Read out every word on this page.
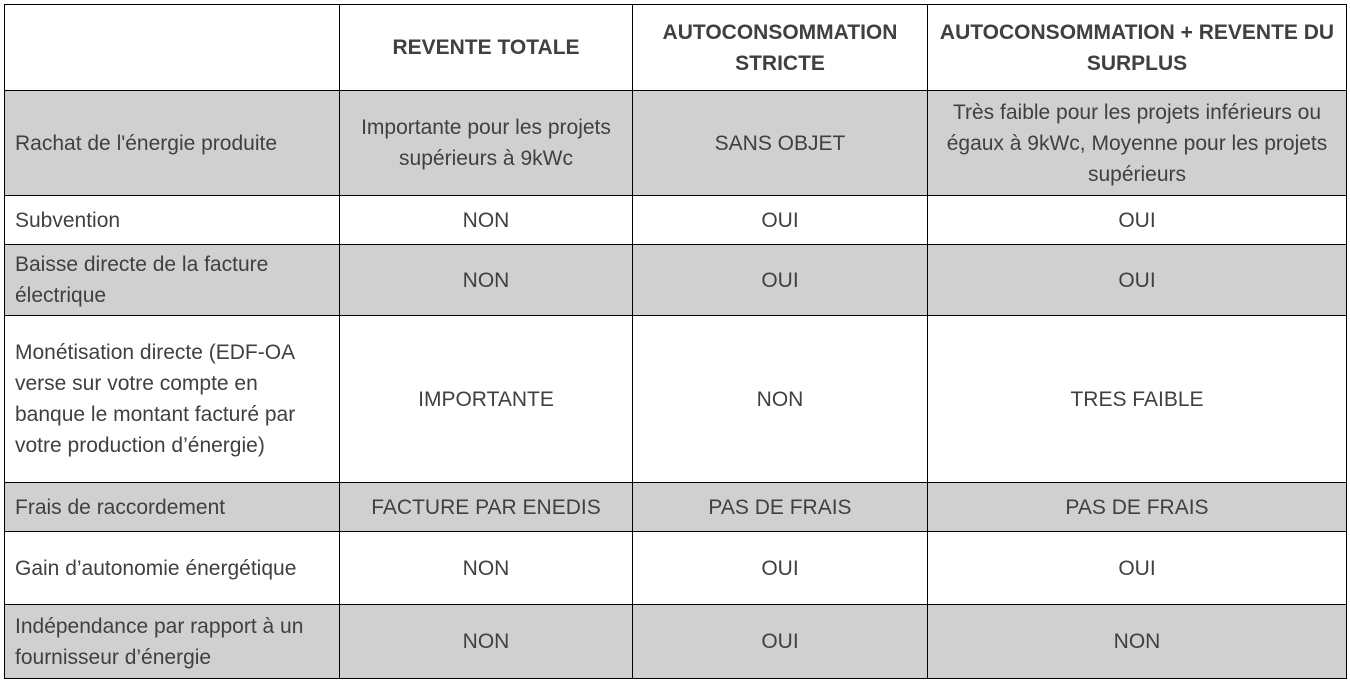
	REVENTE TOTALE	AUTOCONSOMMATION STRICTE	AUTOCONSOMMATION + REVENTE DU SURPLUS
Rachat de l'énergie produite	Importante pour les projets supérieurs à 9kWc	SANS OBJET	Très faible pour les projets inférieurs ou égaux à 9kWc, Moyenne pour les projets supérieurs
Subvention	NON	OUI	OUI
Baisse directe de la facture électrique	NON	OUI	OUI
Monétisation directe (EDF-OA verse sur votre compte en banque le montant facturé par votre production d’énergie)	IMPORTANTE	NON	TRES FAIBLE
Frais de raccordement	FACTURE PAR ENEDIS	PAS DE FRAIS	PAS DE FRAIS
Gain d’autonomie énergétique	NON	OUI	OUI
Indépendance par rapport à un fournisseur d’énergie	NON	OUI	NON
